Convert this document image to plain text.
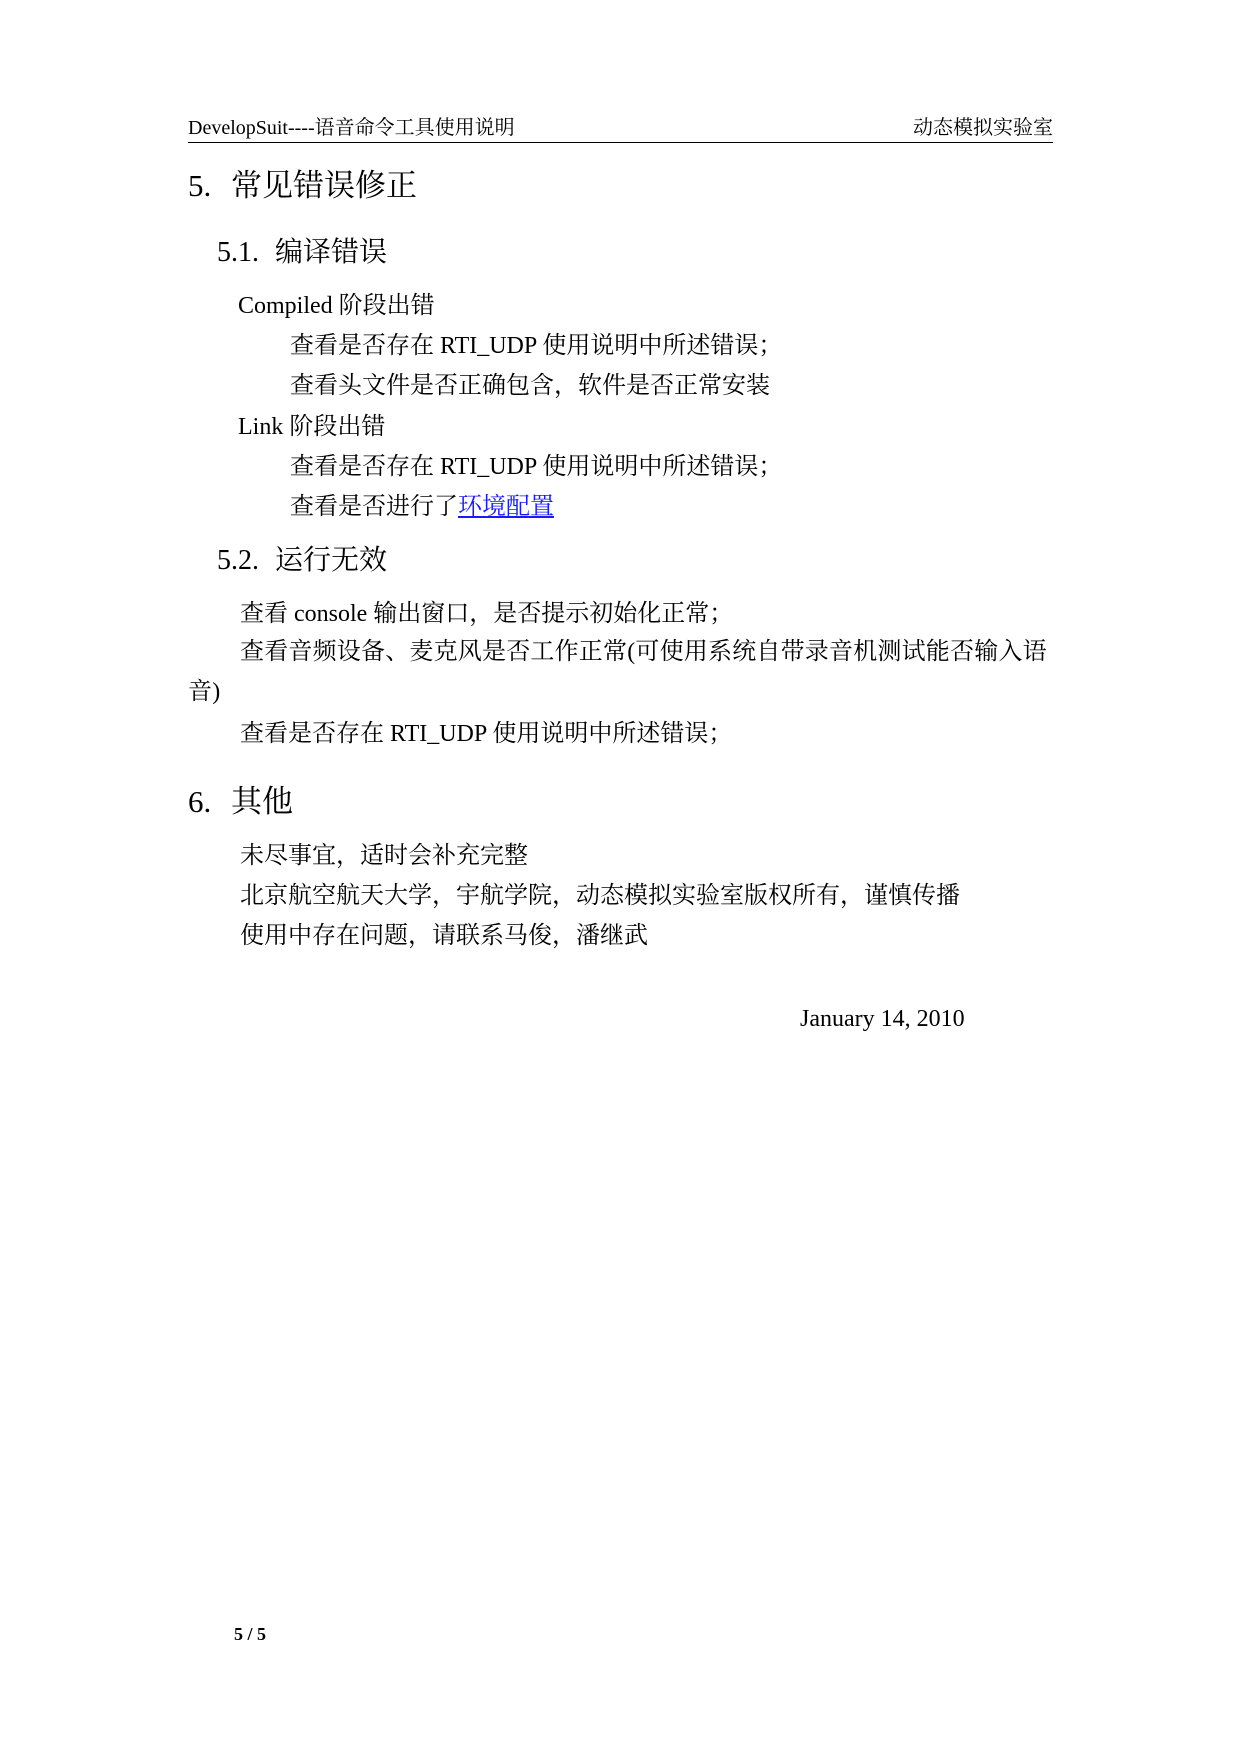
DevelopSuit----语音命令工具使用说明	动态模拟实验室
5. 常见错误修正
5.1. 编译错误
Compiled 阶段出错
查看是否存在 RTI_UDP 使用说明中所述错误；
查看头文件是否正确包含，软件是否正常安装
Link 阶段出错
查看是否存在 RTI_UDP 使用说明中所述错误；
查看是否进行了环境配置
5.2. 运行无效
查看 console 输出窗口，是否提示初始化正常；
查看音频设备、麦克风是否工作正常(可使用系统自带录音机测试能否输入语音)
查看是否存在 RTI_UDP 使用说明中所述错误；
6. 其他
未尽事宜，适时会补充完整
北京航空航天大学，宇航学院，动态模拟实验室版权所有，谨慎传播
使用中存在问题，请联系马俊，潘继武
January 14, 2010
5 / 5
